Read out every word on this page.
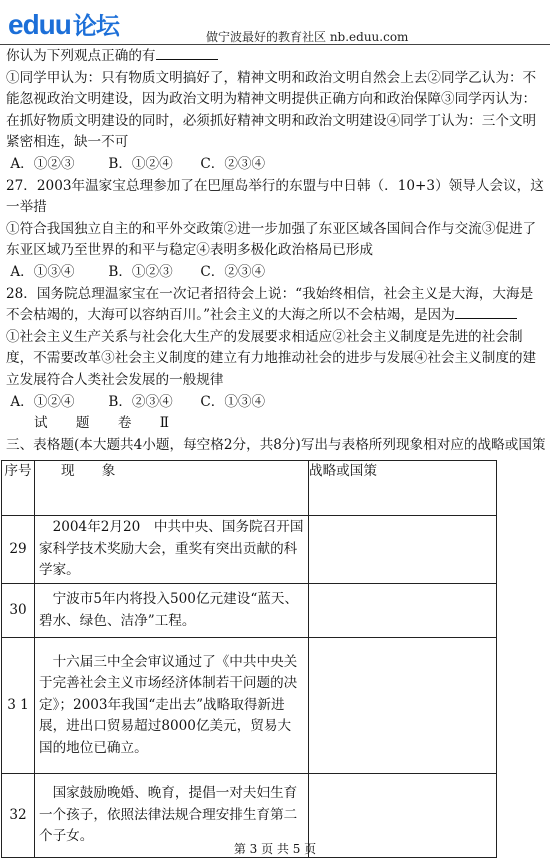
eduu论坛	做宁波最好的教育社区 nb.eduu.com

你认为下列观点正确的有

①同学甲认为：只有物质文明搞好了，精神文明和政治文明自然会上去②同学乙认为：不能忽视政治文明建设，因为政治文明为精神文明提供正确方向和政治保障③同学丙认为：在抓好物质文明建设的同时，必须抓好精神文明和政治文明建设④同学丁认为：三个文明紧密相连，缺一不可

A．①②③ B．①②④ C．②③④

27．2003年温家宝总理参加了在巴厘岛举行的东盟与中日韩（．10+3）领导人会议，这一举措

①符合我国独立自主的和平外交政策②进一步加强了东亚区域各国间合作与交流③促进了东亚区域乃至世界的和平与稳定④表明多极化政治格局已形成

A．①③④ B．①②③ C．②③④

28．国务院总理温家宝在一次记者招待会上说：“我始终相信，社会主义是大海，大海是不会枯竭的，大海可以容纳百川。”社会主义的大海之所以不会枯竭，是因为

①社会主义生产关系与社会化大生产的发展要求相适应②社会主义制度是先进的社会制度，不需要改革③社会主义制度的建立有力地推动社会的进步与发展④社会主义制度的建立发展符合人类社会发展的一般规律

A．①②④ B．②③④ C．①③④

试 题 卷 Ⅱ

三、表格题(本大题共4小题，每空格2分，共8分)写出与表格所列现象相对应的战略或国策

序号	现　　象	战略或国策
29	　2004年2月20　中共中央、国务院召开国家科学技术奖励大会，重奖有突出贡献的科学家。	
30	　宁波市5年内将投入500亿元建设“蓝天、碧水、绿色、洁净”工程。	
3 1	　十六届三中全会审议通过了《中共中央关于完善社会主义市场经济体制若干问题的决定》；2003年我国“走出去”战略取得新进展，进出口贸易超过8000亿美元，贸易大国的地位已确立。	
32	　国家鼓励晚婚、晚育，提倡一对夫妇生育一个孩子，依照法律法规合理安排生育第二个子女。	
第 3 页 共 5 页
